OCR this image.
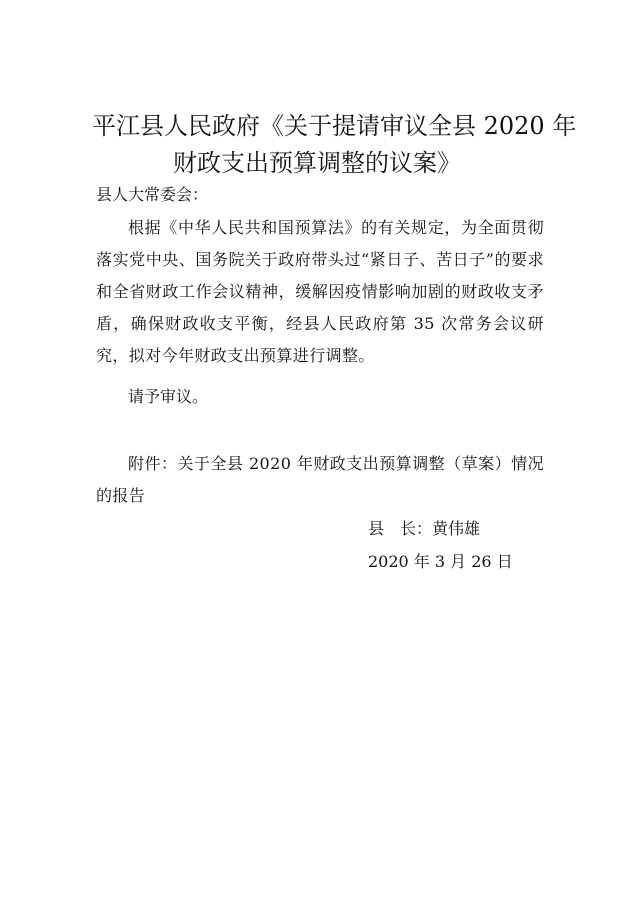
平江县人民政府《关于提请审议全县 2020 年
财政支出预算调整的议案》
县人大常委会：
根据《中华人民共和国预算法》的有关规定，为全面贯彻落实党中央、国务院关于政府带头过“紧日子、苦日子”的要求和全省财政工作会议精神，缓解因疫情影响加剧的财政收支矛盾，确保财政收支平衡，经县人民政府第 35 次常务会议研究，拟对今年财政支出预算进行调整。
请予审议。
附件：关于全县 2020 年财政支出预算调整（草案）情况的报告
县　长：黄伟雄
2020 年 3 月 26 日
